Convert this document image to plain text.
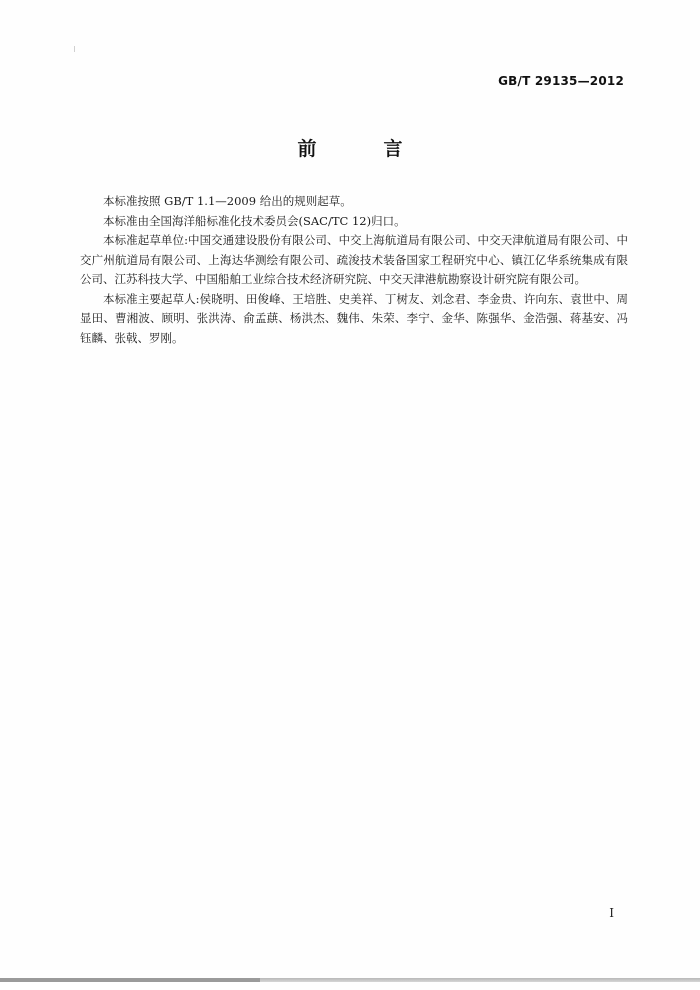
GB/T 29135—2012
前　言

本标准按照 GB/T 1.1—2009 给出的规则起草。

本标准由全国海洋船标准化技术委员会(SAC/TC 12)归口。

本标准起草单位:中国交通建设股份有限公司、中交上海航道局有限公司、中交天津航道局有限公司、中交广州航道局有限公司、上海达华测绘有限公司、疏浚技术装备国家工程研究中心、镇江亿华系统集成有限公司、江苏科技大学、中国船舶工业综合技术经济研究院、中交天津港航勘察设计研究院有限公司。

本标准主要起草人:侯晓明、田俊峰、王培胜、史美祥、丁树友、刘念君、李金贵、许向东、袁世中、周显田、曹湘波、顾明、张洪涛、俞孟蕻、杨洪杰、魏伟、朱荣、李宁、金华、陈强华、金浩强、蒋基安、冯钰麟、张戟、罗刚。

I
